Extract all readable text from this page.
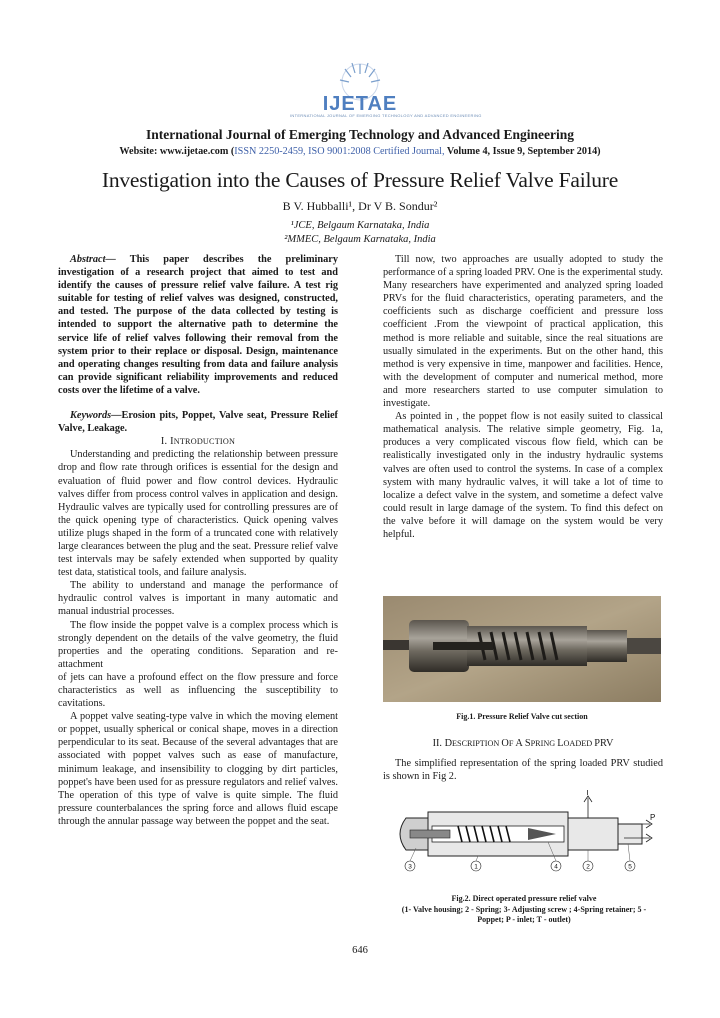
IJETAE
INTERNATIONAL JOURNAL OF EMERGING TECHNOLOGY AND ADVANCED ENGINEERING
International Journal of Emerging Technology and Advanced Engineering
Website: www.ijetae.com (ISSN 2250-2459, ISO 9001:2008 Certified Journal, Volume 4, Issue 9, September 2014)
Investigation into the Causes of Pressure Relief Valve Failure
B V. Hubballi¹, Dr V B. Sondur²
¹JCE, Belgaum Karnataka, India
²MMEC, Belgaum Karnataka, India

Abstract— This paper describes the preliminary investigation of a research project that aimed to test and identify the causes of pressure relief valve failure. A test rig suitable for testing of relief valves was designed, constructed, and tested. The purpose of the data collected by testing is intended to support the alternative path to determine the service life of relief valves following their removal from the system prior to their replace or disposal. Design, maintenance and operating changes resulting from data and failure analysis can provide significant reliability improvements and reduced costs over the lifetime of a valve.

Keywords—Erosion pits, Poppet, Valve seat, Pressure Relief Valve, Leakage.

I. INTRODUCTION

Understanding and predicting the relationship between pressure drop and flow rate through orifices is essential for the design and evaluation of fluid power and flow control devices. Hydraulic valves differ from process control valves in application and design. Hydraulic valves are typically used for controlling pressures are of the quick opening type of characteristics. Quick opening valves utilize plugs shaped in the form of a truncated cone with relatively large clearances between the plug and the seat. Pressure relief valve test intervals may be safely extended when supported by quality test data, statistical tools, and failure analysis.

The ability to understand and manage the performance of hydraulic control valves is important in many automatic and manual industrial processes.

The flow inside the poppet valve is a complex process which is strongly dependent on the details of the valve geometry, the fluid properties and the operating conditions. Separation and re-attachment

of jets can have a profound effect on the flow pressure and force characteristics as well as influencing the susceptibility to cavitations.

A poppet valve seating-type valve in which the moving element or poppet, usually spherical or conical shape, moves in a direction perpendicular to its seat. Because of the several advantages that are associated with poppet valves such as ease of manufacture, minimum leakage, and insensibility to clogging by dirt particles, poppet's have been used for as pressure regulators and relief valves. The operation of this type of valve is quite simple. The fluid pressure counterbalances the spring force and allows fluid escape through the annular passage way between the poppet and the seat.

Till now, two approaches are usually adopted to study the performance of a spring loaded PRV. One is the experimental study. Many researchers have experimented and analyzed spring loaded PRVs for the fluid characteristics, operating parameters, and the coefficients such as discharge coefficient and pressure loss coefficient .From the viewpoint of practical application, this method is more reliable and suitable, since the real situations are usually simulated in the experiments. But on the other hand, this method is very expensive in time, manpower and facilities. Hence, with the development of computer and numerical method, more and more researchers started to use computer simulation to investigate.

As pointed in , the poppet flow is not easily suited to classical mathematical analysis. The relative simple geometry, Fig. 1a, produces a very complicated viscous flow field, which can be realistically investigated only in the industry hydraulic systems valves are often used to control the systems. In case of a complex system with many hydraulic valves, it will take a lot of time to localize a defect valve in the system, and sometime a defect valve could result in large damage of the system. To find this defect on the valve before it will damage on the system would be very helpful.

Fig.1. Pressure Relief Valve cut section
II. DESCRIPTION OF A SPRING LOADED PRV

The simplified representation of the spring loaded PRV studied is shown in Fig 2.

T
P
3	1	4	2	5
Fig.2. Direct operated pressure relief valve
(1- Valve housing; 2 - Spring; 3- Adjusting screw ; 4-Spring retainer; 5 - Poppet; P - inlet; T - outlet)
646
